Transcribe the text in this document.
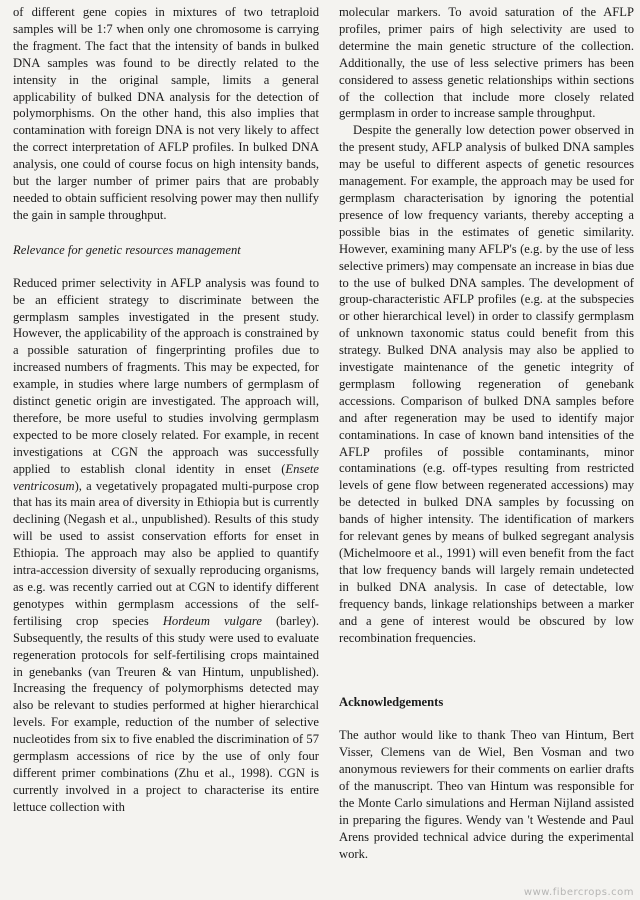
of different gene copies in mixtures of two tetraploid samples will be 1:7 when only one chromosome is carrying the fragment. The fact that the intensity of bands in bulked DNA samples was found to be directly related to the intensity in the original sample, limits a general applicability of bulked DNA analysis for the detection of polymorphisms. On the other hand, this also implies that contamination with foreign DNA is not very likely to affect the correct interpretation of AFLP profiles. In bulked DNA analysis, one could of course focus on high intensity bands, but the larger number of primer pairs that are probably needed to obtain sufficient resolving power may then nullify the gain in sample throughput.

Relevance for genetic resources management

Reduced primer selectivity in AFLP analysis was found to be an efficient strategy to discriminate between the germplasm samples investigated in the present study. However, the applicability of the approach is constrained by a possible saturation of fingerprinting profiles due to increased numbers of fragments. This may be expected, for example, in studies where large numbers of germplasm of distinct genetic origin are investigated. The approach will, therefore, be more useful to studies involving germplasm expected to be more closely related. For example, in recent investigations at CGN the approach was successfully applied to establish clonal identity in enset (Ensete ventricosum), a vegetatively propagated multi-purpose crop that has its main area of diversity in Ethiopia but is currently declining (Negash et al., unpublished). Results of this study will be used to assist conservation efforts for enset in Ethiopia. The approach may also be applied to quantify intra-accession diversity of sexually reproducing organisms, as e.g. was recently carried out at CGN to identify different genotypes within germplasm accessions of the self-fertilising crop species Hordeum vulgare (barley). Subsequently, the results of this study were used to evaluate regeneration protocols for self-fertilising crops maintained in genebanks (van Treuren & van Hintum, unpublished). Increasing the frequency of polymorphisms detected may also be relevant to studies performed at higher hierarchical levels. For example, reduction of the number of selective nucleotides from six to five enabled the discrimination of 57 germplasm accessions of rice by the use of only four different primer combinations (Zhu et al., 1998). CGN is currently involved in a project to characterise its entire lettuce collection with

molecular markers. To avoid saturation of the AFLP profiles, primer pairs of high selectivity are used to determine the main genetic structure of the collection. Additionally, the use of less selective primers has been considered to assess genetic relationships within sections of the collection that include more closely related germplasm in order to increase sample throughput.

Despite the generally low detection power observed in the present study, AFLP analysis of bulked DNA samples may be useful to different aspects of genetic resources management. For example, the approach may be used for germplasm characterisation by ignoring the potential presence of low frequency variants, thereby accepting a possible bias in the estimates of genetic similarity. However, examining many AFLP's (e.g. by the use of less selective primers) may compensate an increase in bias due to the use of bulked DNA samples. The development of group-characteristic AFLP profiles (e.g. at the subspecies or other hierarchical level) in order to classify germplasm of unknown taxonomic status could benefit from this strategy. Bulked DNA analysis may also be applied to investigate maintenance of the genetic integrity of germplasm following regeneration of genebank accessions. Comparison of bulked DNA samples before and after regeneration may be used to identify major contaminations. In case of known band intensities of the AFLP profiles of possible contaminants, minor contaminations (e.g. off-types resulting from restricted levels of gene flow between regenerated accessions) may be detected in bulked DNA samples by focussing on bands of higher intensity. The identification of markers for relevant genes by means of bulked segregant analysis (Michelmoore et al., 1991) will even benefit from the fact that low frequency bands will largely remain undetected in bulked DNA analysis. In case of detectable, low frequency bands, linkage relationships between a marker and a gene of interest would be obscured by low recombination frequencies.

Acknowledgements

The author would like to thank Theo van Hintum, Bert Visser, Clemens van de Wiel, Ben Vosman and two anonymous reviewers for their comments on earlier drafts of the manuscript. Theo van Hintum was responsible for the Monte Carlo simulations and Herman Nijland assisted in preparing the figures. Wendy van 't Westende and Paul Arens provided technical advice during the experimental work.

www.fibercrops.com
